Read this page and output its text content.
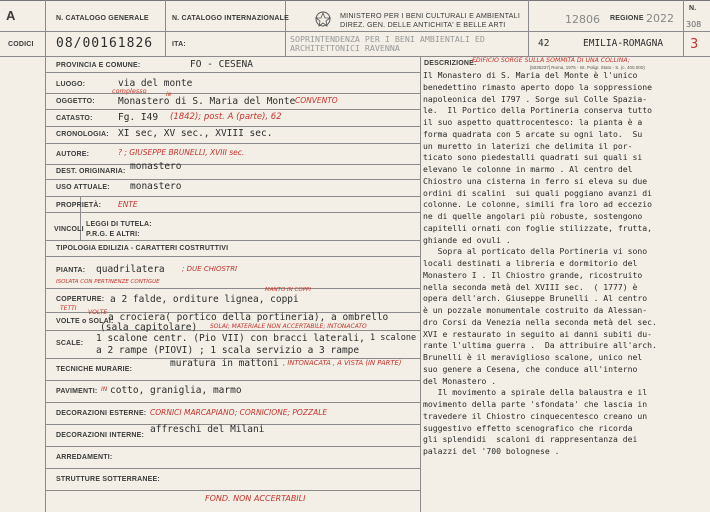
A	N. CATALOGO GENERALE	N. CATALOGO INTERNAZIONALE	MINISTERO PER I BENI CULTURALI E AMBIENTALI
DIREZ. GEN. DELLE ANTICHITA' E BELLE ARTI	12806 REGIONE 2022
N.
308
CODICI 08/00161826	ITA:
SOPRINTENDENZA PER I BENI AMBIENTALI ED ARCHITETTONICI RAVENNA	42	EMILIA-ROMAGNA 3
PROVINCIA E COMUNE:	FO - CESENA
LUOGO:	via del monte
OGGETTO:
complesso
Monastero di S. Maria del Monte
ie
CONVENTO
CATASTO:	Fg. I49 (1842); post. A (parte), 62
CRONOLOGIA: XI sec, XV sec., XVIII sec.
AUTORE:	? ; GIUSEPPE BRUNELLI, XVIII sec.
DEST. ORIGINARIA: monastero
USO ATTUALE: monastero
PROPRIETÀ: ENTE
VINCOLI
LEGGI DI TUTELA:
P.R.G. E ALTRI:
TIPOLOGIA EDILIZIA - CARATTERI COSTRUTTIVI
PIANTA: quadrilatera ; DUE CHIOSTRI
ISOLATA CON PERTINENZE CONTIGUE
COPERTURE:
TETTI
a 2 falde, orditure lignea, coppi
MANTO IN COPPI
VOLTE o SOLAI:
VOLTE a crociera( portico della portineria), a ombrello
(sala capitolare) SOLAI; MATERIALE NON ACCERTABILE; INTONACATO
SCALE: 1 scalone centr. (Pio VII) con bracci laterali, 1 scalone
a 2 rampe (PIOVI) ; 1 scala servizio a 3 rampe
TECNICHE MURARIE:
muratura in mattoni , INTONACATA , A VISTA (IN PARTE)
PAVIMENTI: IN cotto, graniglia, marmo
DECORAZIONI ESTERNE: CORNICI MARCAPIANO; CORNICIONE; POZZALE
DECORAZIONI INTERNE:
affreschi del Milani
ARREDAMENTI:
STRUTTURE SOTTERRANEE:
FOND. NON ACCERTABILI
DESCRIZIONE:
EDIFICIO SORGE SULLA SOMMITÀ DI UNA COLLINA;
[5035237] Roma, 1975 - Ist. Poligr. Stato - S. (c. 400.000)

Il Monastero di S. Maria del Monte è l'unico

benedettino rimasto aperto dopo la soppressione

napoleonica del I797 . Sorge sul Colle Spazia-

le.  Il Portico della Portineria conserva tutto

il suo aspetto quattrocentesco: la pianta è a

forma quadrata con 5 arcate su ogni lato.  Su

un muretto in laterizi che delimita il por-

ticato sono piedestalli quadrati sui quali si

elevano le colonne in marmo . Al centro del

Chiostro una cisterna in ferro si eleva su due

ordini di scalini  sui quali poggiano avanzi di

colonne. Le colonne, simili fra loro ad eccezio

ne di quelle angolari più robuste, sostengono

capitelli ornati con foglie stilizzate, frutta,

ghiande ed ovuli .

Sopra al porticato della Portineria vi sono

locali destinati a libreria e dormitorio del

Monastero I . Il Chiostro grande, ricostruito

nella seconda metà del XVIII sec.  ( 1777) è

opera dell'arch. Giuseppe Brunelli . Al centro

è un pozzale monumentale costruito da Alessan-

dro Corsi da Venezia nella seconda metà del sec.

XVI e restaurato in seguito ai danni subiti du-

rante l'ultima guerra .  Da attribuire all'arch.

Brunelli è il meraviglioso scalone, unico nel

suo genere a Cesena, che conduce all'interno

del Monastero .

Il movimento a spirale della balaustra e il

movimento della parte 'sfondata' che lascia in

travedere il Chiostro cinquecentesco creano un

suggestivo effetto scenografico che ricorda

gli splendidi  scaloni di rappresentanza dei

palazzi del '700 bolognese .
